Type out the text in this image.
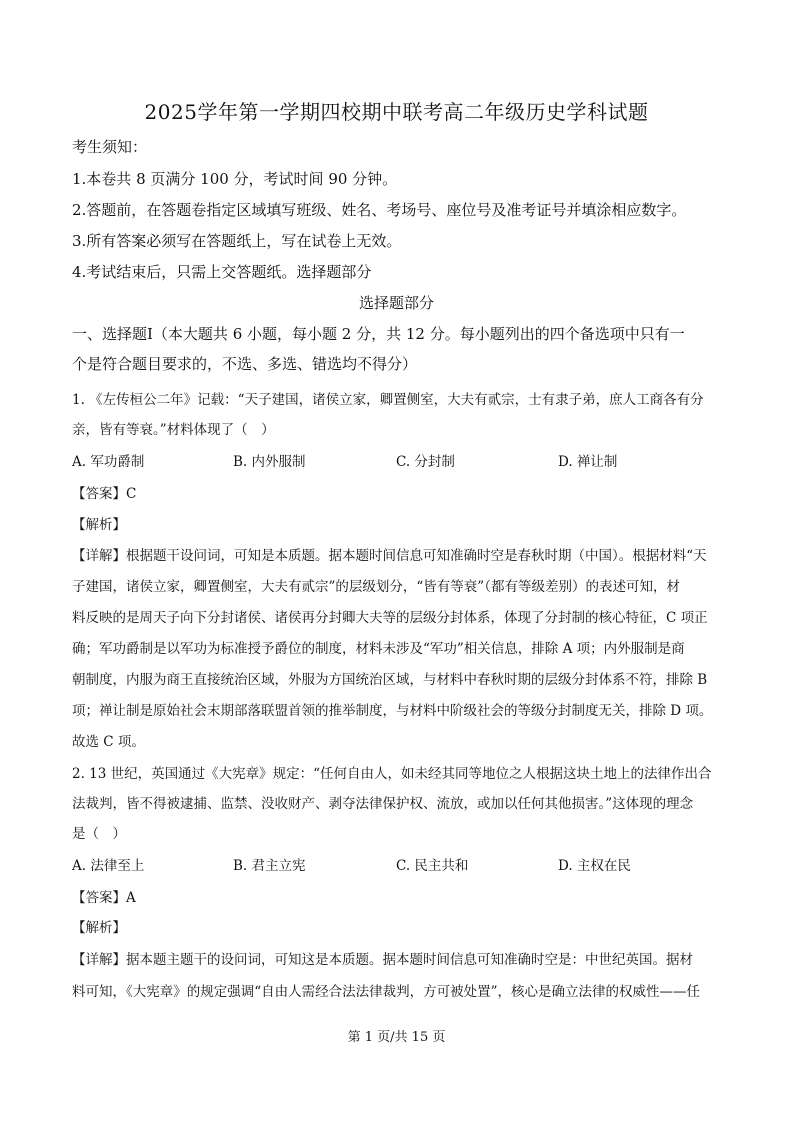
2025学年第一学期四校期中联考高二年级历史学科试题
考生须知：
1.本卷共 8 页满分 100 分，考试时间 90 分钟。
2.答题前，在答题卷指定区域填写班级、姓名、考场号、座位号及准考证号并填涂相应数字。
3.所有答案必须写在答题纸上，写在试卷上无效。
4.考试结束后，只需上交答题纸。选择题部分
选择题部分
一、选择题Ⅰ（本大题共 6 小题，每小题 2 分，共 12 分。每小题列出的四个备选项中只有一
个是符合题目要求的，不选、多选、错选均不得分）
1. 《左传桓公二年》记载：“天子建国，诸侯立家，卿置侧室，大夫有贰宗，士有隶子弟，庶人工商各有分
亲，皆有等衰。”材料体现了（　）
A. 军功爵制	B. 内外服制	C. 分封制	D. 禅让制
【答案】C
【解析】
【详解】根据题干设问词，可知是本质题。据本题时间信息可知准确时空是春秋时期（中国）。根据材料“天
子建国，诸侯立家，卿置侧室，大夫有贰宗”的层级划分，“皆有等衰”（都有等级差别）的表述可知，材
料反映的是周天子向下分封诸侯、诸侯再分封卿大夫等的层级分封体系，体现了分封制的核心特征，C 项正
确；军功爵制是以军功为标准授予爵位的制度，材料未涉及“军功”相关信息，排除 A 项；内外服制是商
朝制度，内服为商王直接统治区域，外服为方国统治区域，与材料中春秋时期的层级分封体系不符，排除 B
项；禅让制是原始社会末期部落联盟首领的推举制度，与材料中阶级社会的等级分封制度无关，排除 D 项。
故选 C 项。
2. 13 世纪，英国通过《大宪章》规定：“任何自由人，如未经其同等地位之人根据这块土地上的法律作出合
法裁判，皆不得被逮捕、监禁、没收财产、剥夺法律保护权、流放，或加以任何其他损害。”这体现的理念
是（　）
A. 法律至上	B. 君主立宪	C. 民主共和	D. 主权在民
【答案】A
【解析】
【详解】据本题主题干的设问词，可知这是本质题。据本题时间信息可知准确时空是：中世纪英国。据材
料可知，《大宪章》的规定强调“自由人需经合法法律裁判，方可被处置”，核心是确立法律的权威性——任
第 1 页/共 15 页
